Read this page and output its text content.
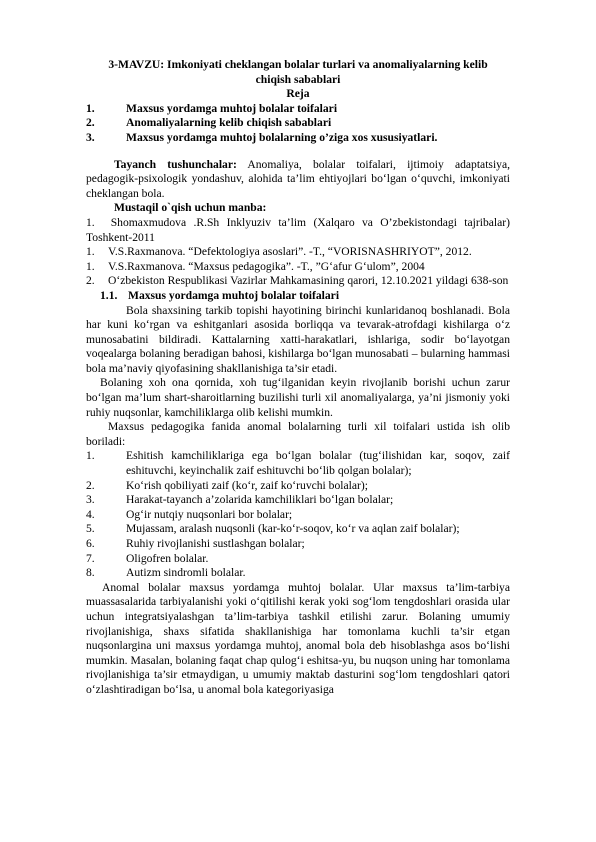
3-MAVZU: Imkoniyati cheklangan bolalar turlari va anomaliyalarning kelib
chiqish sabablari
Reja
1.	Maxsus yordamga muhtoj bolalar toifalari
2.	Anomaliyalarning kelib chiqish sabablari
3.	Maxsus yordamga muhtoj bolalarning o’ziga xos xususiyatlari.

Tayanch tushunchalar: Anomaliya, bolalar toifalari, ijtimoiy adaptatsiya, pedagogik-psixologik yondashuv, alohida ta’lim ehtiyojlari bo‘lgan o‘quvchi, imkoniyati cheklangan bola.

Mustaqil o`qish uchun manba:
1. Shomaxmudova .R.Sh Inklyuziv ta’lim (Xalqaro va O’zbekistondagi tajribalar) Toshkent-2011
1.	V.S.Raxmanova. “Defektologiya asoslari”. -T., “VORISNASHRIYOT”, 2012.
1.	V.S.Raxmanova. “Maxsus pedagogika”. -T., ”G‘afur G‘ulom”, 2004
2.	O‘zbekiston Respublikasi Vazirlar Mahkamasining qarori, 12.10.2021 yildagi 638-son
1.1. Maxsus yordamga muhtoj bolalar toifalari

Bola shaxsining tarkib topishi hayotining birinchi kunlaridanoq boshlanadi. Bola har kuni ko‘rgan va eshitganlari asosida borliqqa va tevarak-atrofdagi kishilarga o‘z munosabatini bildiradi. Kattalarning xatti-harakatlari, ishlariga, sodir bo‘layotgan voqealarga bolaning beradigan bahosi, kishilarga bo‘lgan munosabati – bularning hammasi bola ma’naviy qiyofasining shakllanishiga ta’sir etadi.

Bolaning xoh ona qornida, xoh tug‘ilganidan keyin rivojlanib borishi uchun zarur bo‘lgan ma’lum shart-sharoitlarning buzilishi turli xil anomaliyalarga, ya’ni jismoniy yoki ruhiy nuqsonlar, kamchiliklarga olib kelishi mumkin.

Maxsus pedagogika fanida anomal bolalarning turli xil toifalari ustida ish olib boriladi:

1.	Eshitish kamchiliklariga ega bo‘lgan bolalar (tug‘ilishidan kar, soqov, zaif eshituvchi, keyinchalik zaif eshituvchi bo‘lib qolgan bolalar);
2.	Ko‘rish qobiliyati zaif (ko‘r, zaif ko‘ruvchi bolalar);
3.	Harakat-tayanch a’zolarida kamchiliklari bo‘lgan bolalar;
4.	Og‘ir nutqiy nuqsonlari bor bolalar;
5.	Mujassam, aralash nuqsonli (kar-ko‘r-soqov, ko‘r va aqlan zaif bolalar);
6.	Ruhiy rivojlanishi sustlashgan bolalar;
7.	Oligofren bolalar.
8.	Autizm sindromli bolalar.

Anomal bolalar maxsus yordamga muhtoj bolalar. Ular maxsus ta’lim-tarbiya muassasalarida tarbiyalanishi yoki o‘qitilishi kerak yoki sog‘lom tengdoshlari orasida ular uchun integratsiyalashgan ta’lim-tarbiya tashkil etilishi zarur. Bolaning umumiy rivojlanishiga, shaxs sifatida shakllanishiga har tomonlama kuchli ta’sir etgan nuqsonlargina uni maxsus yordamga muhtoj, anomal bola deb hisoblashga asos bo‘lishi mumkin. Masalan, bolaning faqat chap qulog‘i eshitsa-yu, bu nuqson uning har tomonlama rivojlanishiga ta’sir etmaydigan, u umumiy maktab dasturini sog‘lom tengdoshlari qatori o‘zlashtiradigan bo‘lsa, u anomal bola kategoriyasiga
